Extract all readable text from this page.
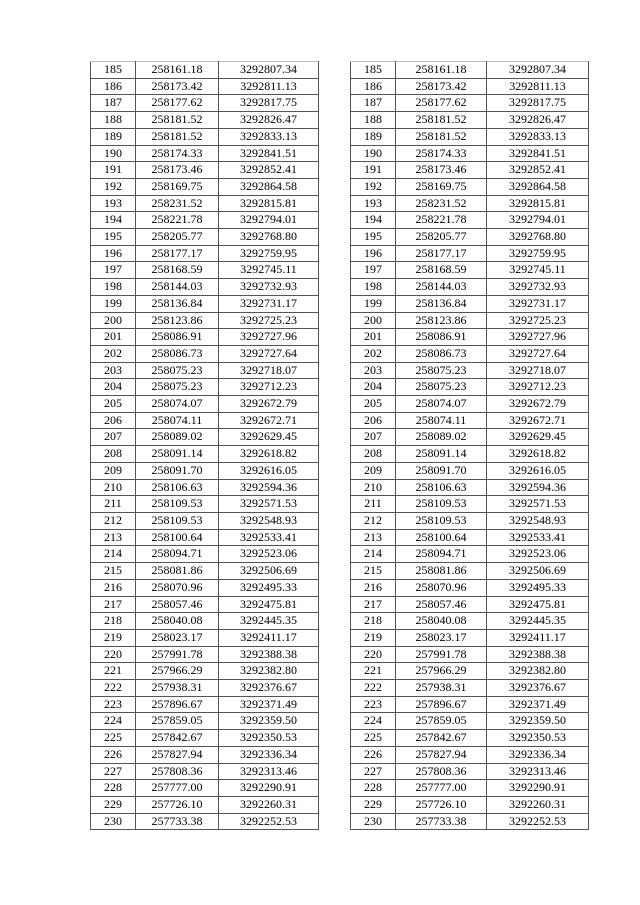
185	258161.18	3292807.34
186	258173.42	3292811.13
187	258177.62	3292817.75
188	258181.52	3292826.47
189	258181.52	3292833.13
190	258174.33	3292841.51
191	258173.46	3292852.41
192	258169.75	3292864.58
193	258231.52	3292815.81
194	258221.78	3292794.01
195	258205.77	3292768.80
196	258177.17	3292759.95
197	258168.59	3292745.11
198	258144.03	3292732.93
199	258136.84	3292731.17
200	258123.86	3292725.23
201	258086.91	3292727.96
202	258086.73	3292727.64
203	258075.23	3292718.07
204	258075.23	3292712.23
205	258074.07	3292672.79
206	258074.11	3292672.71
207	258089.02	3292629.45
208	258091.14	3292618.82
209	258091.70	3292616.05
210	258106.63	3292594.36
211	258109.53	3292571.53
212	258109.53	3292548.93
213	258100.64	3292533.41
214	258094.71	3292523.06
215	258081.86	3292506.69
216	258070.96	3292495.33
217	258057.46	3292475.81
218	258040.08	3292445.35
219	258023.17	3292411.17
220	257991.78	3292388.38
221	257966.29	3292382.80
222	257938.31	3292376.67
223	257896.67	3292371.49
224	257859.05	3292359.50
225	257842.67	3292350.53
226	257827.94	3292336.34
227	257808.36	3292313.46
228	257777.00	3292290.91
229	257726.10	3292260.31
230	257733.38	3292252.53
185	258161.18	3292807.34
186	258173.42	3292811.13
187	258177.62	3292817.75
188	258181.52	3292826.47
189	258181.52	3292833.13
190	258174.33	3292841.51
191	258173.46	3292852.41
192	258169.75	3292864.58
193	258231.52	3292815.81
194	258221.78	3292794.01
195	258205.77	3292768.80
196	258177.17	3292759.95
197	258168.59	3292745.11
198	258144.03	3292732.93
199	258136.84	3292731.17
200	258123.86	3292725.23
201	258086.91	3292727.96
202	258086.73	3292727.64
203	258075.23	3292718.07
204	258075.23	3292712.23
205	258074.07	3292672.79
206	258074.11	3292672.71
207	258089.02	3292629.45
208	258091.14	3292618.82
209	258091.70	3292616.05
210	258106.63	3292594.36
211	258109.53	3292571.53
212	258109.53	3292548.93
213	258100.64	3292533.41
214	258094.71	3292523.06
215	258081.86	3292506.69
216	258070.96	3292495.33
217	258057.46	3292475.81
218	258040.08	3292445.35
219	258023.17	3292411.17
220	257991.78	3292388.38
221	257966.29	3292382.80
222	257938.31	3292376.67
223	257896.67	3292371.49
224	257859.05	3292359.50
225	257842.67	3292350.53
226	257827.94	3292336.34
227	257808.36	3292313.46
228	257777.00	3292290.91
229	257726.10	3292260.31
230	257733.38	3292252.53
